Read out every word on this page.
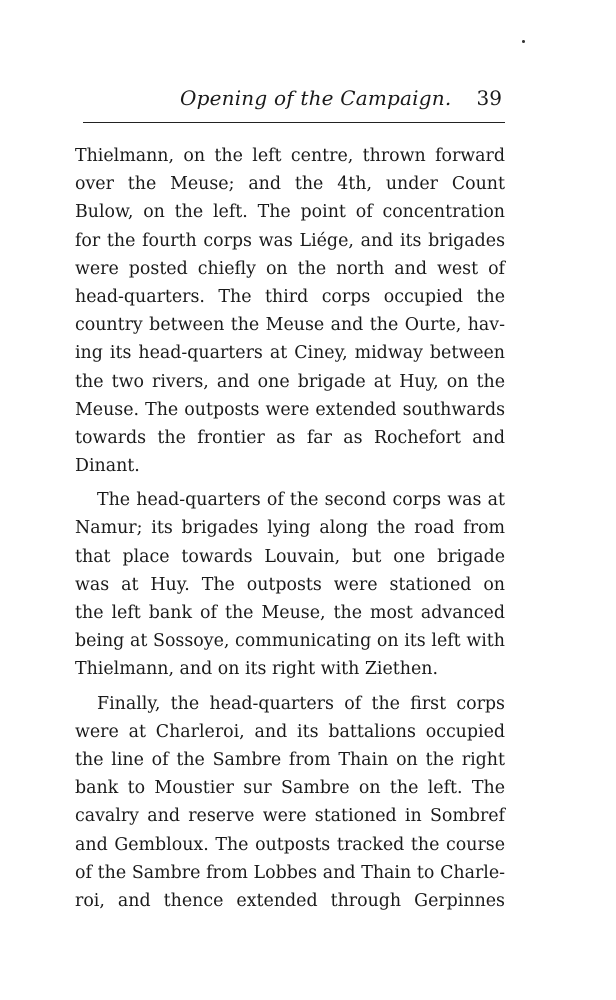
Opening of the Campaign. 39
Thielmann, on the left centre, thrown forward
over the Meuse; and the 4th, under Count
Bulow, on the left. The point of concentration
for the fourth corps was Liége, and its brigades
were posted chiefly on the north and west of
head-quarters. The third corps occupied the
country between the Meuse and the Ourte, hav-
ing its head-quarters at Ciney, midway between
the two rivers, and one brigade at Huy, on the
Meuse. The outposts were extended southwards
towards the frontier as far as Rochefort and
Dinant.
The head-quarters of the second corps was at
Namur; its brigades lying along the road from
that place towards Louvain, but one brigade
was at Huy. The outposts were stationed on
the left bank of the Meuse, the most advanced
being at Sossoye, communicating on its left with
Thielmann, and on its right with Ziethen.
Finally, the head-quarters of the first corps
were at Charleroi, and its battalions occupied
the line of the Sambre from Thain on the right
bank to Moustier sur Sambre on the left. The
cavalry and reserve were stationed in Sombref
and Gembloux. The outposts tracked the course
of the Sambre from Lobbes and Thain to Charle-
roi, and thence extended through Gerpinnes
